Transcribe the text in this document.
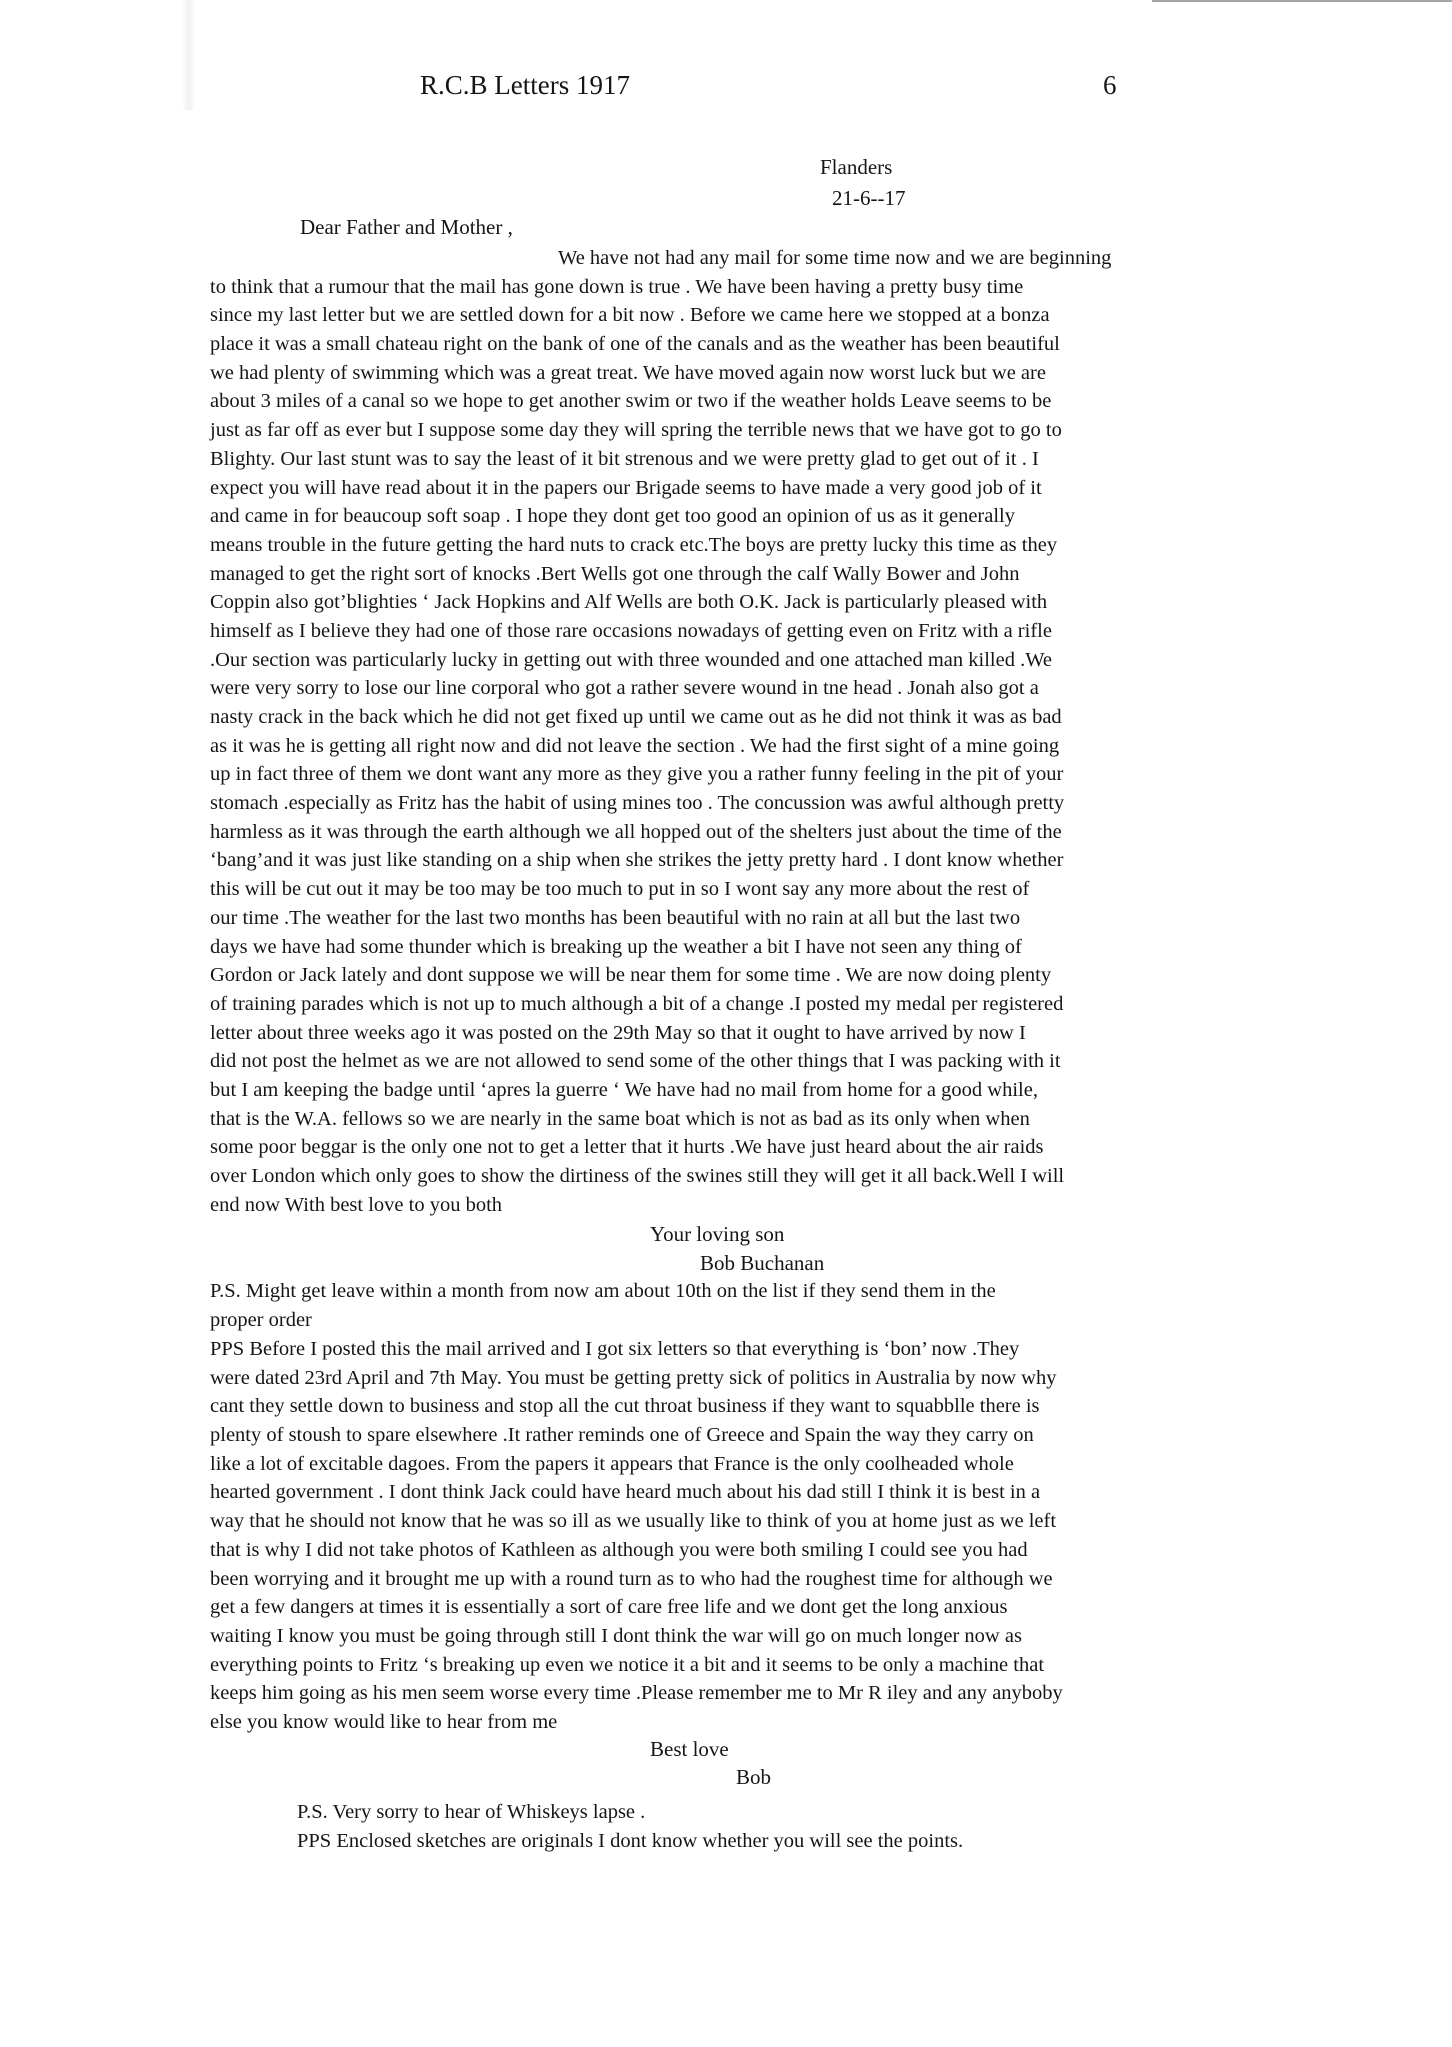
R.C.B Letters 1917	6
Flanders
21-6--17
Dear Father and Mother ,
We have not had any mail for some time now and we are beginning
to think that a rumour that the mail has gone down is true . We have been having a pretty busy time
since my last letter but we are settled down for a bit now . Before we came here we stopped at a bonza
place it was a small chateau right on the bank of one of the canals and as the weather has been beautiful
we had plenty of swimming which was a great treat. We have moved again now worst luck but we are
about 3 miles of a canal so we hope to get another swim or two if the weather holds Leave seems to be
just as far off as ever but I suppose some day they will spring the terrible news that we have got to go to
Blighty. Our last stunt was to say the least of it bit strenous and we were pretty glad to get out of it . I
expect you will have read about it in the papers our Brigade seems to have made a very good job of it
and came in for beaucoup soft soap . I hope they dont get too good an opinion of us as it generally
means trouble in the future getting the hard nuts to crack etc.The boys are pretty lucky this time as they
managed to get the right sort of knocks .Bert Wells got one through the calf Wally Bower and John
Coppin also got’blighties ‘ Jack Hopkins and Alf Wells are both O.K. Jack is particularly pleased with
himself as I believe they had one of those rare occasions nowadays of getting even on Fritz with a rifle
.Our section was particularly lucky in getting out with three wounded and one attached man killed .We
were very sorry to lose our line corporal who got a rather severe wound in tne head . Jonah also got a
nasty crack in the back which he did not get fixed up until we came out as he did not think it was as bad
as it was he is getting all right now and did not leave the section . We had the first sight of a mine going
up in fact three of them we dont want any more as they give you a rather funny feeling in the pit of your
stomach .especially as Fritz has the habit of using mines too . The concussion was awful although pretty
harmless as it was through the earth although we all hopped out of the shelters just about the time of the
‘bang’and it was just like standing on a ship when she strikes the jetty pretty hard . I dont know whether
this will be cut out it may be too may be too much to put in so I wont say any more about the rest of
our time .The weather for the last two months has been beautiful with no rain at all but the last two
days we have had some thunder which is breaking up the weather a bit I have not seen any thing of
Gordon or Jack lately and dont suppose we will be near them for some time . We are now doing plenty
of training parades which is not up to much although a bit of a change .I posted my medal per registered
letter about three weeks ago it was posted on the 29th May so that it ought to have arrived by now I
did not post the helmet as we are not allowed to send some of the other things that I was packing with it
but I am keeping the badge until ‘apres la guerre ‘ We have had no mail from home for a good while,
that is the W.A. fellows so we are nearly in the same boat which is not as bad as its only when when
some poor beggar is the only one not to get a letter that it hurts .We have just heard about the air raids
over London which only goes to show the dirtiness of the swines still they will get it all back.Well I will
end now With best love to you both
Your loving son
Bob Buchanan
P.S. Might get leave within a month from now am about 10th on the list if they send them in the
proper order
PPS Before I posted this the mail arrived and I got six letters so that everything is ‘bon’ now .They
were dated 23rd April and 7th May. You must be getting pretty sick of politics in Australia by now why
cant they settle down to business and stop all the cut throat business if they want to squabblle there is
plenty of stoush to spare elsewhere .It rather reminds one of Greece and Spain the way they carry on
like a lot of excitable dagoes. From the papers it appears that France is the only coolheaded whole
hearted government . I dont think Jack could have heard much about his dad still I think it is best in a
way that he should not know that he was so ill as we usually like to think of you at home just as we left
that is why I did not take photos of Kathleen as although you were both smiling I could see you had
been worrying and it brought me up with a round turn as to who had the roughest time for although we
get a few dangers at times it is essentially a sort of care free life and we dont get the long anxious
waiting I know you must be going through still I dont think the war will go on much longer now as
everything points to Fritz ‘s breaking up even we notice it a bit and it seems to be only a machine that
keeps him going as his men seem worse every time .Please remember me to Mr R iley and any anyboby
else you know would like to hear from me
Best love
Bob
P.S. Very sorry to hear of Whiskeys lapse .
PPS Enclosed sketches are originals I dont know whether you will see the points.
